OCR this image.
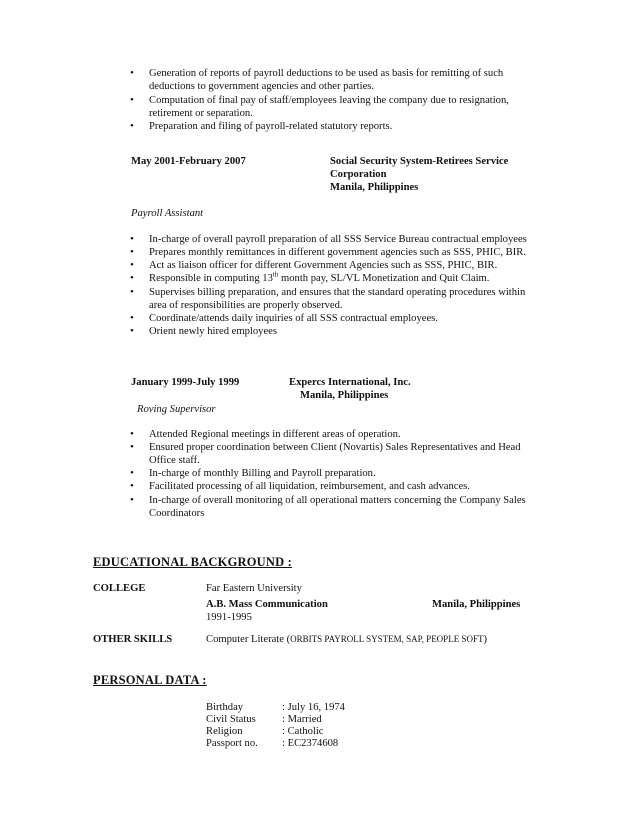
• Generation of reports of payroll deductions to be used as basis for remitting of such
deductions to government agencies and other parties.
• Computation of final pay of staff/employees leaving the company due to resignation,
retirement or separation.
• Preparation and filing of payroll-related statutory reports.
May 2001-February 2007	Social Security System-Retirees Service
Corporation
Manila, Philippines
Payroll Assistant
• In-charge of overall payroll preparation of all SSS Service Bureau contractual employees
• Prepares monthly remittances in different government agencies such as SSS, PHIC, BIR.
• Act as liaison officer for different Government Agencies such as SSS, PHIC, BIR.
• Responsible in computing 13th month pay, SL/VL Monetization and Quit Claim.
• Supervises billing preparation, and ensures that the standard operating procedures within
area of responsibilities are properly observed.
• Coordinate/attends daily inquiries of all SSS contractual employees.
• Orient newly hired employees
January 1999-July 1999	Expercs International, Inc.
Manila, Philippines
Roving Supervisor
• Attended Regional meetings in different areas of operation.
• Ensured proper coordination between Client (Novartis) Sales Representatives and Head
Office staff.
• In-charge of monthly Billing and Payroll preparation.
• Facilitated processing of all liquidation, reimbursement, and cash advances.
• In-charge of overall monitoring of all operational matters concerning the Company Sales
Coordinators
EDUCATIONAL BACKGROUND :
COLLEGE	Far Eastern University
A.B. Mass Communication	Manila, Philippines
1991-1995
OTHER SKILLS	Computer Literate (ORBITS PAYROLL SYSTEM, SAP, PEOPLE SOFT)
PERSONAL DATA :
Birthday	: July 16, 1974
Civil Status : Married
Religion	: Catholic
Passport no. : EC2374608
